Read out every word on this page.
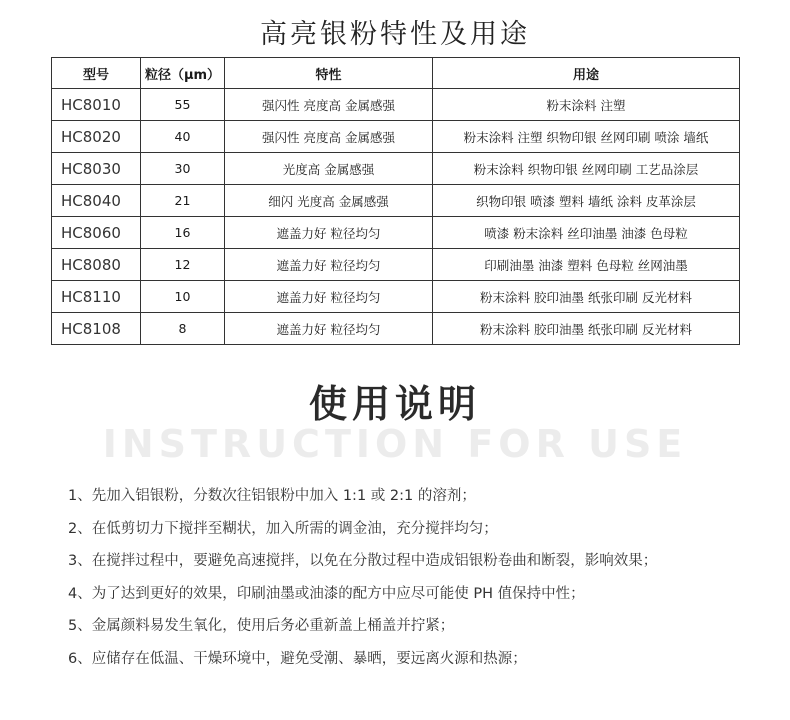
高亮银粉特性及用途
型号	粒径（μm）	特性	用途
HC8010	55	强闪性 亮度高 金属感强	粉末涂料 注塑
HC8020	40	强闪性 亮度高 金属感强	粉末涂料 注塑 织物印银 丝网印刷 喷涂 墙纸
HC8030	30	光度高 金属感强	粉末涂料 织物印银 丝网印刷 工艺品涂层
HC8040	21	细闪 光度高 金属感强	织物印银 喷漆 塑料 墙纸 涂料 皮革涂层
HC8060	16	遮盖力好 粒径均匀	喷漆 粉末涂料 丝印油墨 油漆 色母粒
HC8080	12	遮盖力好 粒径均匀	印刷油墨 油漆 塑料 色母粒 丝网油墨
HC8110	10	遮盖力好 粒径均匀	粉末涂料 胶印油墨 纸张印刷 反光材料
HC8108	8	遮盖力好 粒径均匀	粉末涂料 胶印油墨 纸张印刷 反光材料
INSTRUCTION FOR USE
使用说明
1、先加入铝银粉，分数次往铝银粉中加入 1:1 或 2:1 的溶剂；
2、在低剪切力下搅拌至糊状，加入所需的调金油，充分搅拌均匀；
3、在搅拌过程中，要避免高速搅拌，以免在分散过程中造成铝银粉卷曲和断裂，影响效果；
4、为了达到更好的效果，印刷油墨或油漆的配方中应尽可能使 PH 值保持中性；
5、金属颜料易发生氧化，使用后务必重新盖上桶盖并拧紧；
6、应储存在低温、干燥环境中，避免受潮、暴晒，要远离火源和热源；
